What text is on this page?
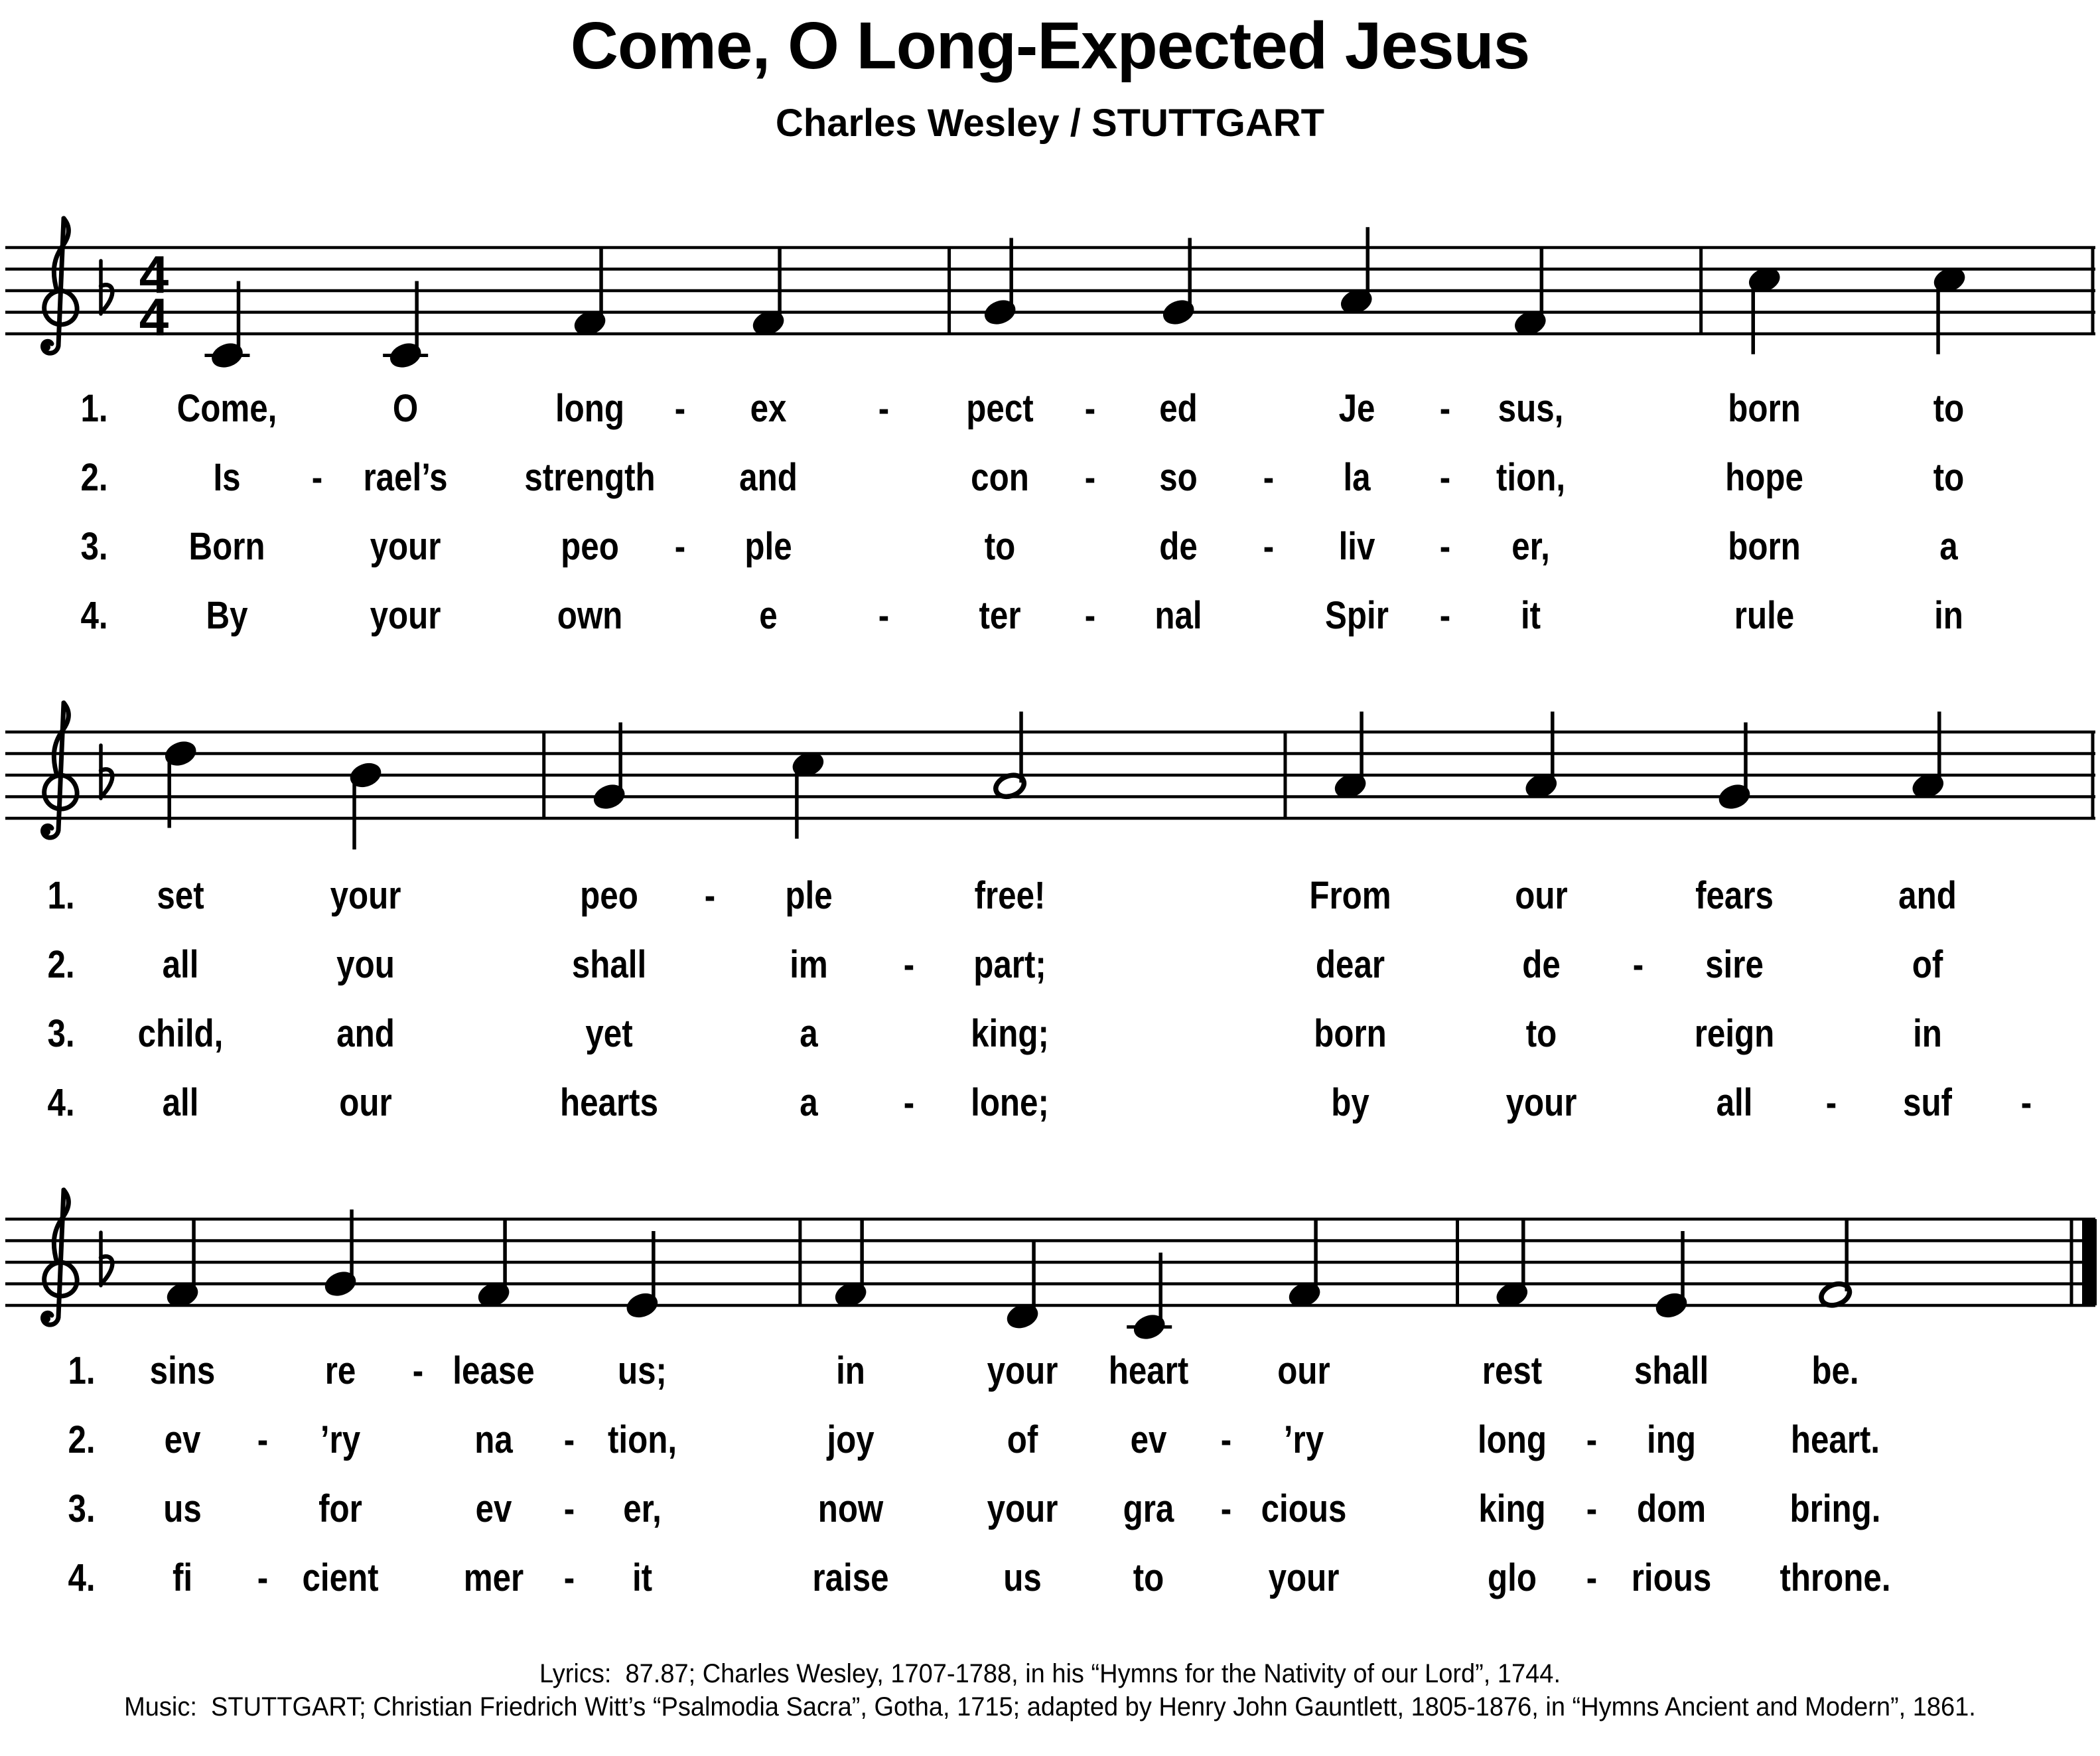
Come, O Long-Expected Jesus
Charles Wesley / STUTTGART
4
4
1. Come,	O	long - ex - pect - ed	Je - sus,	born	to
2.	Is - rael’s strength and	con - so - la - tion,	hope	to
3. Born	your	peo - ple	to	de - liv - er,	born	a
4.	By	your	own	e	- ter - nal	Spir - it	rule	in
1. set	your	peo - ple	free!	From	our	fears	and
2. all	you	shall	im - part;	dear	de - sire	of
3. child,	and	yet	a	king;	born	to	reign	in
4. all	our	hearts	a - lone;	by	your	all - suf -
1. sins	re - lease us;	in	your heart our	rest shall	be.
2. ev - ’ry	na - tion,	joy	of ev - ’ry	long - ing heart.
3. us	for	ev - er,	now	your gra - cious	king - dom bring.
4. fi - cient mer - it	raise	us to	your	glo - rious throne.
Lyrics:  87.87; Charles Wesley, 1707-1788, in his “Hymns for the Nativity of our Lord”, 1744.
Music:  STUTTGART; Christian Friedrich Witt’s “Psalmodia Sacra”, Gotha, 1715; adapted by Henry John Gauntlett, 1805-1876, in “Hymns Ancient and Modern”, 1861.
